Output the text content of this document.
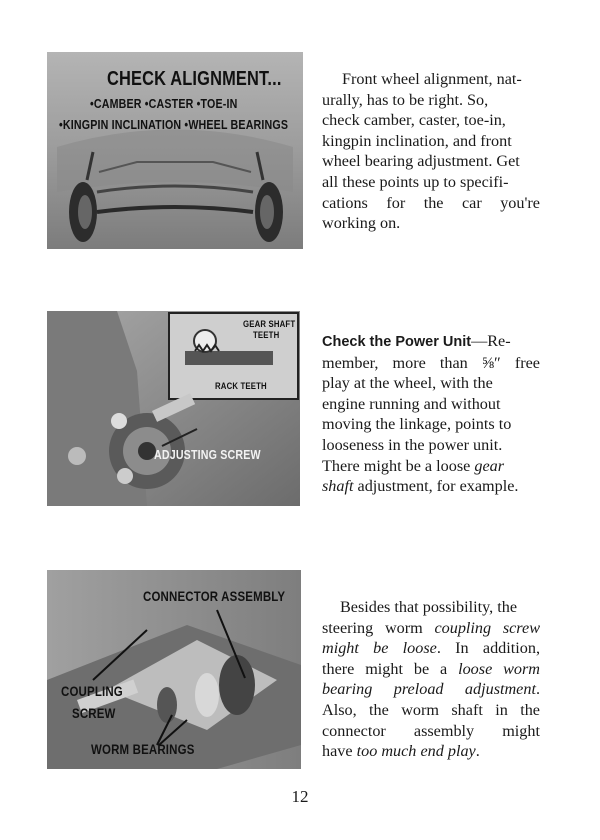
CHECK ALIGNMENT...
•CAMBER •CASTER •TOE-IN
•KINGPIN INCLINATION •WHEEL BEARINGS
Front wheel alignment, nat-
urally, has to be right. So,
check camber, caster, toe-in,
kingpin inclination, and front
wheel bearing adjustment. Get
all these points up to specifi-
cations for the car you're
working on.
GEAR SHAFT
TEETH
RACK TEETH
ADJUSTING SCREW
Check the Power Unit—Re-
member, more than ⅝″ free
play at the wheel, with the
engine running and without
moving the linkage, points to
looseness in the power unit.
There might be a loose gear
shaft adjustment, for example.
CONNECTOR ASSEMBLY
COUPLING
SCREW
WORM BEARINGS
Besides that possibility, the
steering worm coupling screw
might be loose. In addition,
there might be a loose worm
bearing preload adjustment.
Also, the worm shaft in the
connector assembly might
have too much end play.
12
